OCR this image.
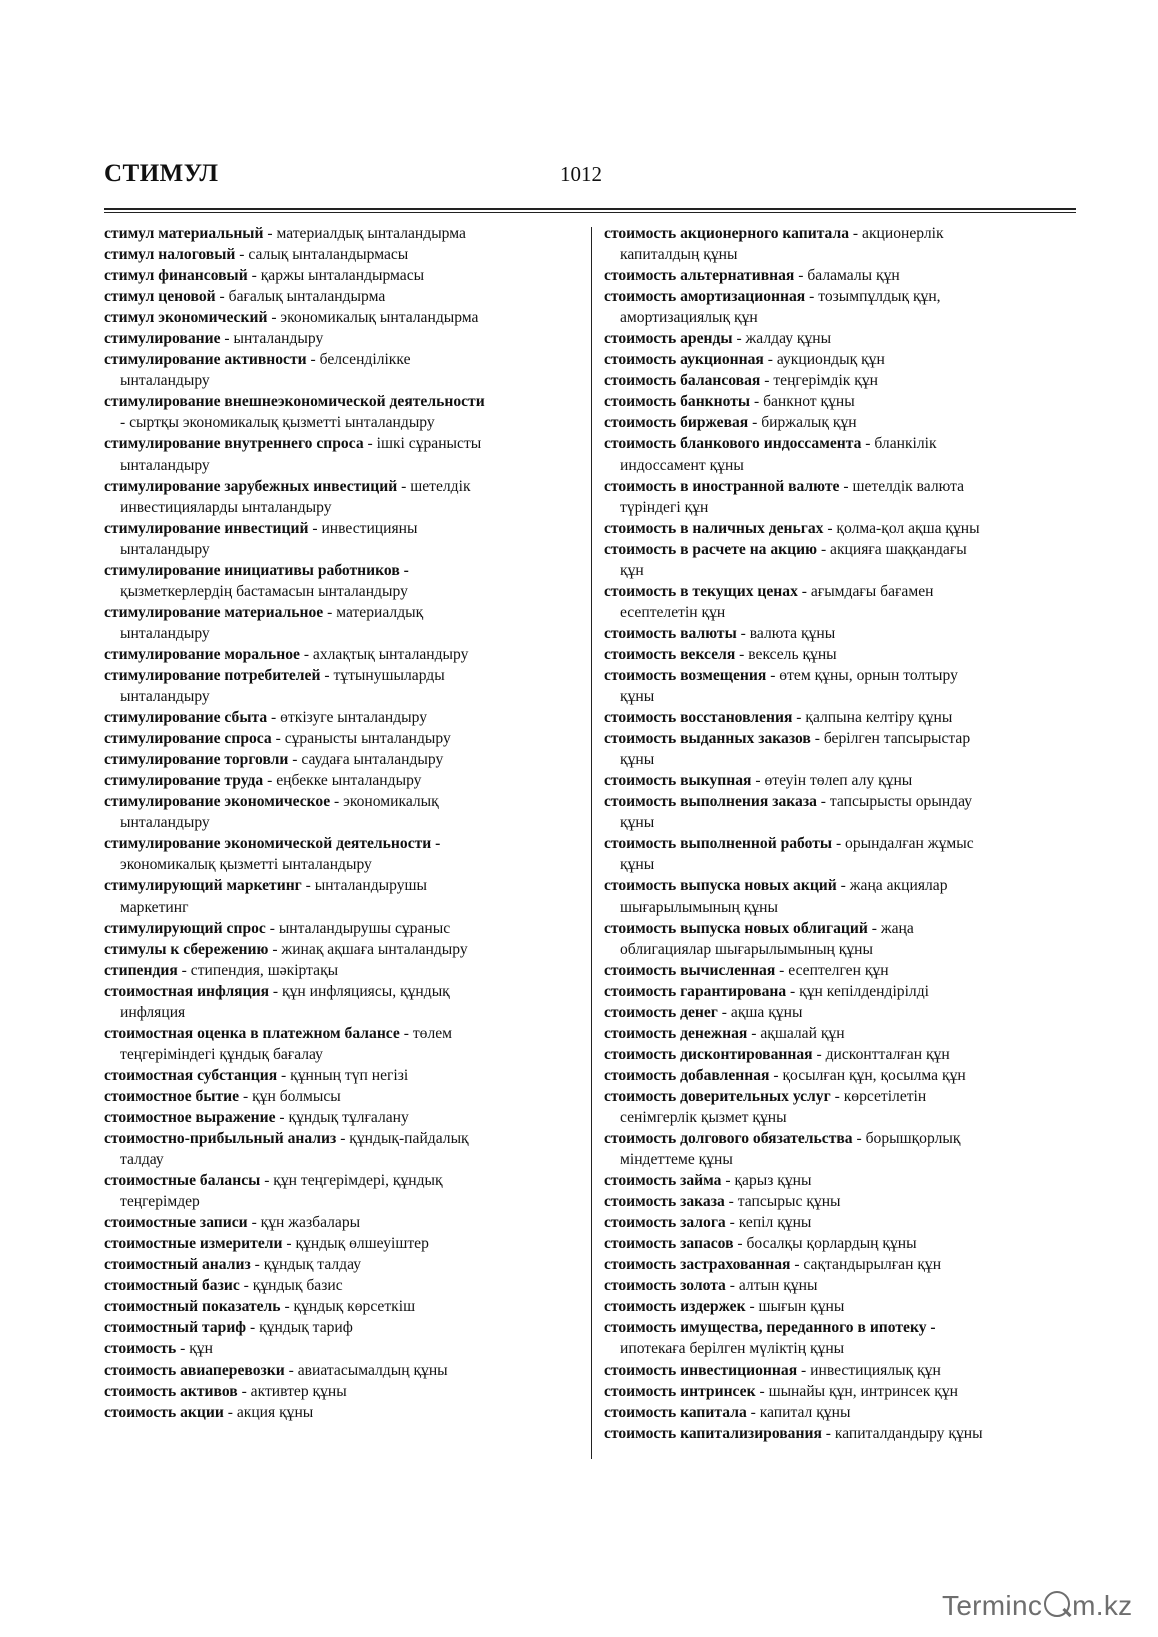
СТИМУЛ	1012
стимул материальный - материалдық ынталандырма
стимул налоговый - салық ынталандырмасы
стимул финансовый - қаржы ынталандырмасы
стимул ценовой - бағалық ынталандырма
стимул экономический - экономикалық ынталандырма
стимулирование - ынталандыру
стимулирование активности - белсенділікке
ынталандыру
стимулирование внешнеэкономической деятельности
- сыртқы экономикалық қызметті ынталандыру
стимулирование внутреннего спроса - ішкі сұранысты
ынталандыру
стимулирование зарубежных инвестиций - шетелдік
инвестицияларды ынталандыру
стимулирование инвестиций - инвестицияны
ынталандыру
стимулирование инициативы работников -
қызметкерлердің бастамасын ынталандыру
стимулирование материальное - материалдық
ынталандыру
стимулирование моральное - ахлақтық ынталандыру
стимулирование потребителей - тұтынушыларды
ынталандыру
стимулирование сбыта - өткізуге ынталандыру
стимулирование спроса - сұранысты ынталандыру
стимулирование торговли - саудаға ынталандыру
стимулирование труда - еңбекке ынталандыру
стимулирование экономическое - экономикалық
ынталандыру
стимулирование экономической деятельности -
экономикалық қызметті ынталандыру
стимулирующий маркетинг - ынталандырушы
маркетинг
стимулирующий спрос - ынталандырушы сұраныс
стимулы к сбережению - жинақ ақшаға ынталандыру
стипендия - стипендия, шәкіртақы
стоимостная инфляция - құн инфляциясы, құндық
инфляция
стоимостная оценка в платежном балансе - төлем
теңгеріміндегі құндық бағалау
стоимостная субстанция - құнның түп негізі
стоимостное бытие - құн болмысы
стоимостное выражение - құндық тұлғалану
стоимостно-прибыльный анализ - құндық-пайдалық
талдау
стоимостные балансы - құн теңгерімдері, құндық
теңгерімдер
стоимостные записи - құн жазбалары
стоимостные измерители - құндық өлшеуіштер
стоимостный анализ - құндық талдау
стоимостный базис - құндық базис
стоимостный показатель - құндық көрсеткіш
стоимостный тариф - құндық тариф
стоимость - құн
стоимость авиаперевозки - авиатасымалдың құны
стоимость активов - активтер құны
стоимость акции - акция құны
стоимость акционерного капитала - акционерлік
капиталдың құны
стоимость альтернативная - баламалы құн
стоимость амортизационная - тозымпұлдық құн,
амортизациялық құн
стоимость аренды - жалдау құны
стоимость аукционная - аукциондық құн
стоимость балансовая - теңгерімдік құн
стоимость банкноты - банкнот құны
стоимость биржевая - биржалық құн
стоимость бланкового индоссамента - бланкілік
индоссамент құны
стоимость в иностранной валюте - шетелдік валюта
түріндегі құн
стоимость в наличных деньгах - қолма-қол ақша құны
стоимость в расчете на акцию - акцияға шаққандағы
құн
стоимость в текущих ценах - ағымдағы бағамен
есептелетін құн
стоимость валюты - валюта құны
стоимость векселя - вексель құны
стоимость возмещения - өтем құны, орнын толтыру
құны
стоимость восстановления - қалпына келтіру құны
стоимость выданных заказов - берілген тапсырыстар
құны
стоимость выкупная - өтеуін төлеп алу құны
стоимость выполнения заказа - тапсырысты орындау
құны
стоимость выполненной работы - орындалған жұмыс
құны
стоимость выпуска новых акций - жаңа акциялар
шығарылымының құны
стоимость выпуска новых облигаций - жаңа
облигациялар шығарылымының құны
стоимость вычисленная - есептелген құн
стоимость гарантирована - құн кепілдендірілді
стоимость денег - ақша құны
стоимость денежная - ақшалай құн
стоимость дисконтированная - дисконтталған құн
стоимость добавленная - қосылған құн, қосылма құн
стоимость доверительных услуг - көрсетілетін
сенімгерлік қызмет құны
стоимость долгового обязательства - борышқорлық
міндеттеме құны
стоимость займа - қарыз құны
стоимость заказа - тапсырыс құны
стоимость залога - кепіл құны
стоимость запасов - босалқы қорлардың құны
стоимость застрахованная - сақтандырылған құн
стоимость золота - алтын құны
стоимость издержек - шығын құны
стоимость имущества, переданного в ипотеку -
ипотекаға берілген мүліктің құны
стоимость инвестиционная - инвестициялық құн
стоимость интринсек - шынайы құн, интринсек құн
стоимость капитала - капитал құны
стоимость капитализирования - капиталдандыру құны
Terminc m.kz
